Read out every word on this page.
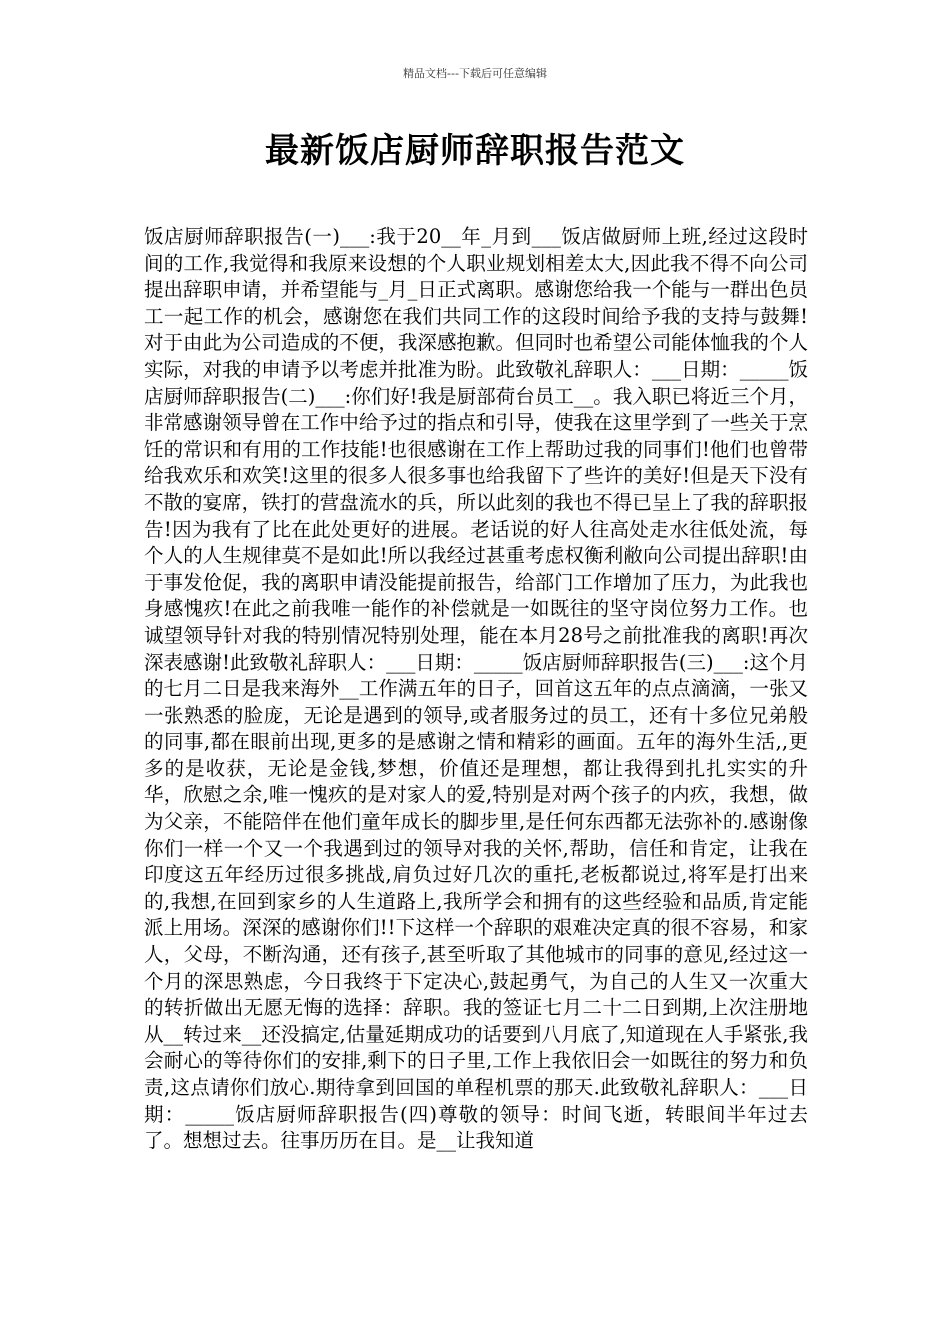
精品文档---下载后可任意编辑
最新饭店厨师辞职报告范文

饭店厨师辞职报告(一)___:我于20__年_月到___饭店做厨师上班,经过这段时间的工作,我觉得和我原来设想的个人职业规划相差太大,因此我不得不向公司提出辞职申请，并希望能与_月_日正式离职。感谢您给我一个能与一群出色员工一起工作的机会，感谢您在我们共同工作的这段时间给予我的支持与鼓舞!对于由此为公司造成的不便，我深感抱歉。但同时也希望公司能体恤我的个人实际，对我的申请予以考虑并批准为盼。此致敬礼辞职人：___日期：_____饭店厨师辞职报告(二)___:你们好!我是厨部荷台员工__。我入职已将近三个月，非常感谢领导曾在工作中给予过的指点和引导，使我在这里学到了一些关于烹饪的常识和有用的工作技能!也很感谢在工作上帮助过我的同事们!他们也曾带给我欢乐和欢笑!这里的很多人很多事也给我留下了些许的美好!但是天下没有不散的宴席，铁打的营盘流水的兵，所以此刻的我也不得已呈上了我的辞职报告!因为我有了比在此处更好的进展。老话说的好人往高处走水往低处流，每个人的人生规律莫不是如此!所以我经过甚重考虑权衡利敝向公司提出辞职!由于事发伧促，我的离职申请没能提前报告，给部门工作增加了压力，为此我也身感愧疚!在此之前我唯一能作的补偿就是一如既往的坚守岗位努力工作。也诚望领导针对我的特别情况特别处理，能在本月28号之前批准我的离职!再次深表感谢!此致敬礼辞职人：___日期：_____饭店厨师辞职报告(三)___:这个月的七月二日是我来海外__工作满五年的日子，回首这五年的点点滴滴，一张又一张熟悉的脸庞，无论是遇到的领导,或者服务过的员工，还有十多位兄弟般的同事,都在眼前出现,更多的是感谢之情和精彩的画面。五年的海外生活,,更多的是收获，无论是金钱,梦想，价值还是理想，都让我得到扎扎实实的升华，欣慰之余,唯一愧疚的是对家人的爱,特别是对两个孩子的内疚，我想，做为父亲，不能陪伴在他们童年成长的脚步里,是任何东西都无法弥补的.感谢像你们一样一个又一个我遇到过的领导对我的关怀,帮助，信任和肯定，让我在印度这五年经历过很多挑战,肩负过好几次的重托,老板都说过,将军是打出来的,我想,在回到家乡的人生道路上,我所学会和拥有的这些经验和品质,肯定能派上用场。深深的感谢你们!!下这样一个辞职的艰难决定真的很不容易，和家人，父母，不断沟通，还有孩子,甚至听取了其他城市的同事的意见,经过这一个月的深思熟虑，今日我终于下定决心,鼓起勇气，为自己的人生又一次重大的转折做出无愿无悔的选择：辞职。我的签证七月二十二日到期,上次注册地从__转过来__还没搞定,估量延期成功的话要到八月底了,知道现在人手紧张,我会耐心的等待你们的安排,剩下的日子里,工作上我依旧会一如既往的努力和负责,这点请你们放心.期待拿到回国的单程机票的那天.此致敬礼辞职人：___日期：_____饭店厨师辞职报告(四)尊敬的领导：时间飞逝，转眼间半年过去了。想想过去。往事历历在目。是__让我知道
